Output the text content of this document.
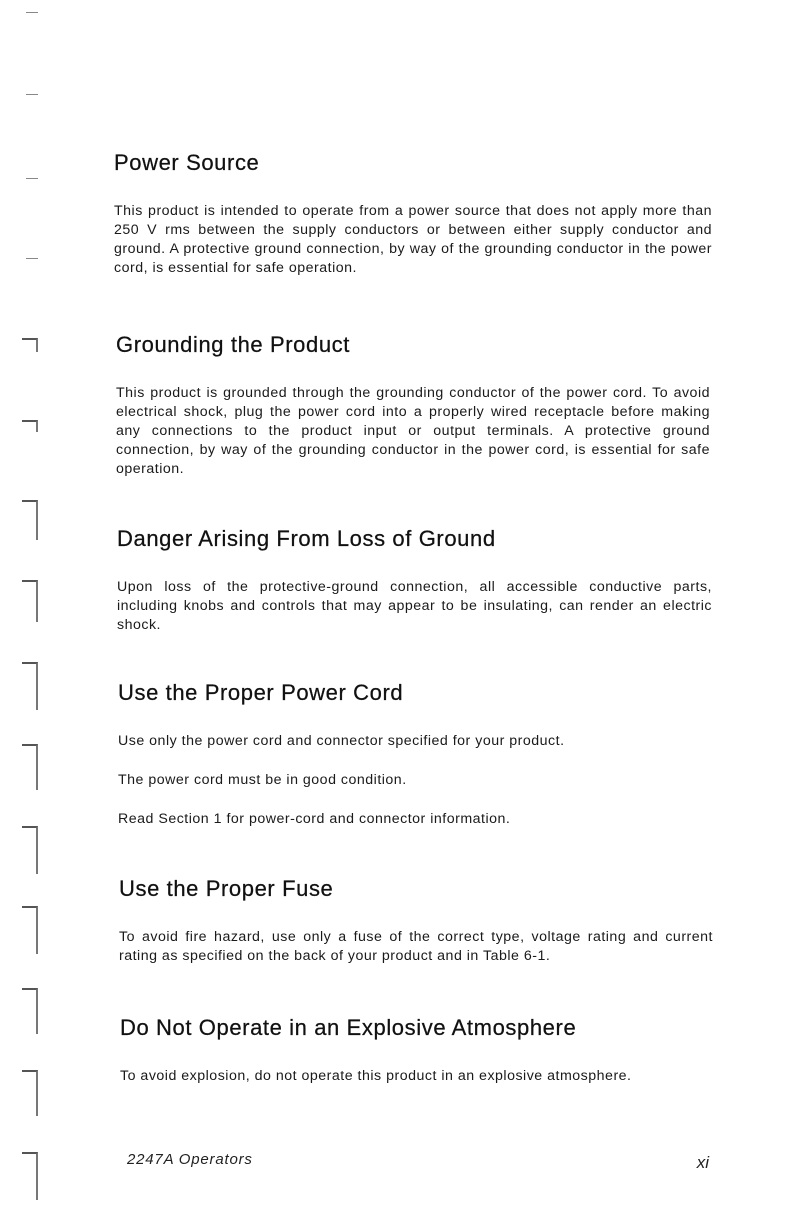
Power Source

This product is intended to operate from a power source that does not apply more than 250 V rms between the supply conductors or between either supply conductor and ground. A protective ground connection, by way of the grounding conductor in the power cord, is essential for safe operation.

Grounding the Product

This product is grounded through the grounding conductor of the power cord. To avoid electrical shock, plug the power cord into a properly wired receptacle before making any connections to the product input or output terminals. A protective ground connection, by way of the grounding conductor in the power cord, is essential for safe operation.

Danger Arising From Loss of Ground

Upon loss of the protective-ground connection, all accessible conductive parts, including knobs and controls that may appear to be insulating, can render an electric shock.

Use the Proper Power Cord

Use only the power cord and connector specified for your product.

The power cord must be in good condition.

Read Section 1 for power-cord and connector information.

Use the Proper Fuse

To avoid fire hazard, use only a fuse of the correct type, voltage rating and current rating as specified on the back of your product and in Table 6-1.

Do Not Operate in an Explosive Atmosphere

To avoid explosion, do not operate this product in an explosive atmosphere.

2247A Operators	xi
